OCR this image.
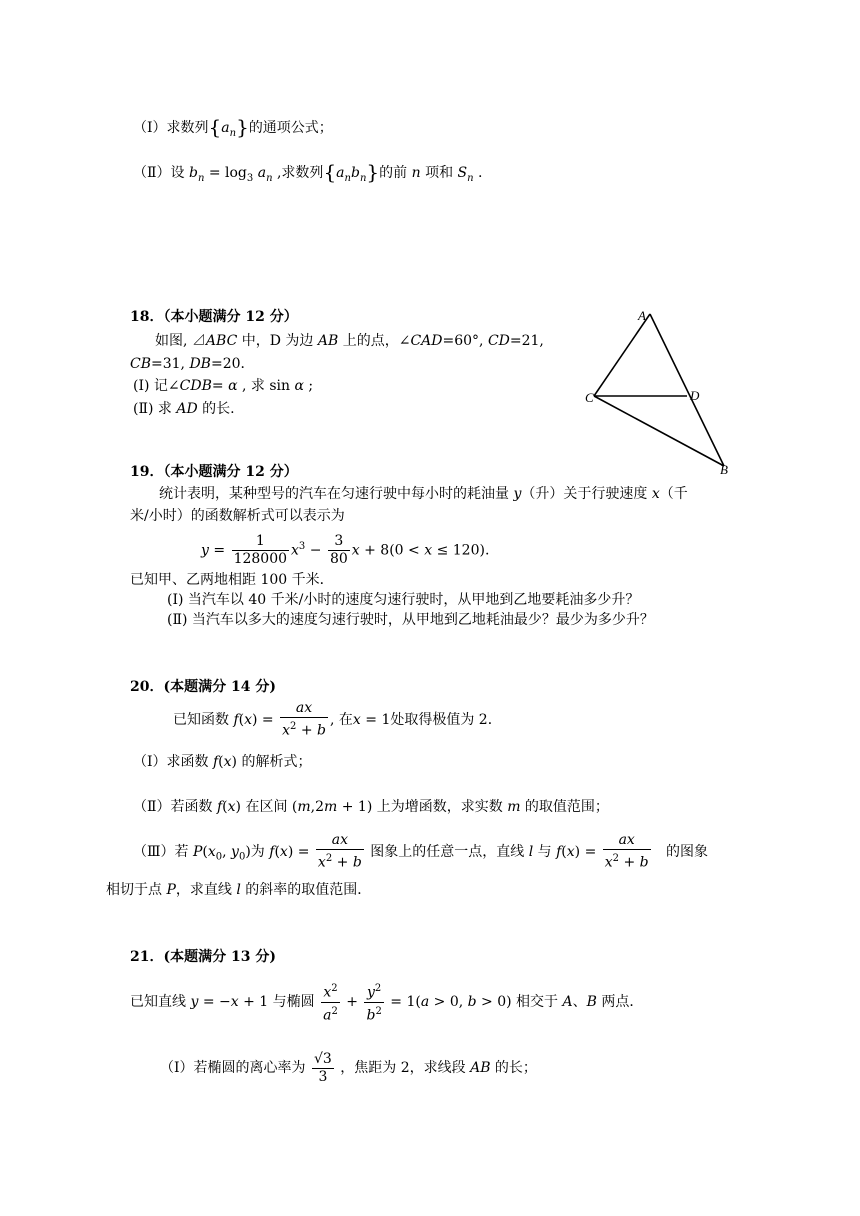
（Ⅰ）求数列$\{a_n\}$的通项公式；
（Ⅱ）设 $b_n = \log_3 a_n$ ,求数列$\{a_nb_n\}$的前 n 项和 $S_n$ .
18．（本小题满分 12 分）
如图, ⊿ABC 中，D 为边 AB 上的点，∠CAD=60°, CD=21,
CB=31, DB=20．
(Ⅰ) 记∠CDB= α , 求 sin α ;
(Ⅱ) 求 AD 的长.
A
C	D
B
19．（本小题满分 12 分）
统计表明，某种型号的汽车在匀速行驶中每小时的耗油量 y（升）关于行驶速度 x（千
米/小时）的函数解析式可以表示为
$y = \frac{1}{128000} x^3 - \frac{3}{80}$ x + 8(0 < x ≤ 120).
已知甲、乙两地相距 100 千米．
(Ⅰ) 当汽车以 40 千米/小时的速度匀速行驶时，从甲地到乙地要耗油多少升？
(Ⅱ) 当汽车以多大的速度匀速行驶时，从甲地到乙地耗油最少？最少为多少升？
20．(本题满分 14 分)
已知函数 $f(x) = \frac{ax}{x^2 + b}$ , 在x = 1处取得极值为 2．
（Ⅰ）求函数 f(x) 的解析式；
（Ⅱ）若函数 f(x) 在区间 (m,2m + 1) 上为增函数，求实数 m 的取值范围；
（Ⅲ）若 $P(x_0$, $y_0$)为 $f(x) = \frac{ax}{x^2 + b}$ 图象上的任意一点，直线 l 与 $f(x) = \frac{ax}{x^2 + b}$ 的图象
相切于点 P，求直线 l 的斜率的取值范围．
21．(本题满分 13 分)
已知直线 y = −x + 1 与椭圆 $\frac{x^2}{a^2} + \frac{y^2}{b^2} = 1(a > 0$, b > 0) 相交于 A、B 两点．
（Ⅰ）若椭圆的离心率为 $\frac{√3}{3}$ ，焦距为 2，求线段 AB 的长；
